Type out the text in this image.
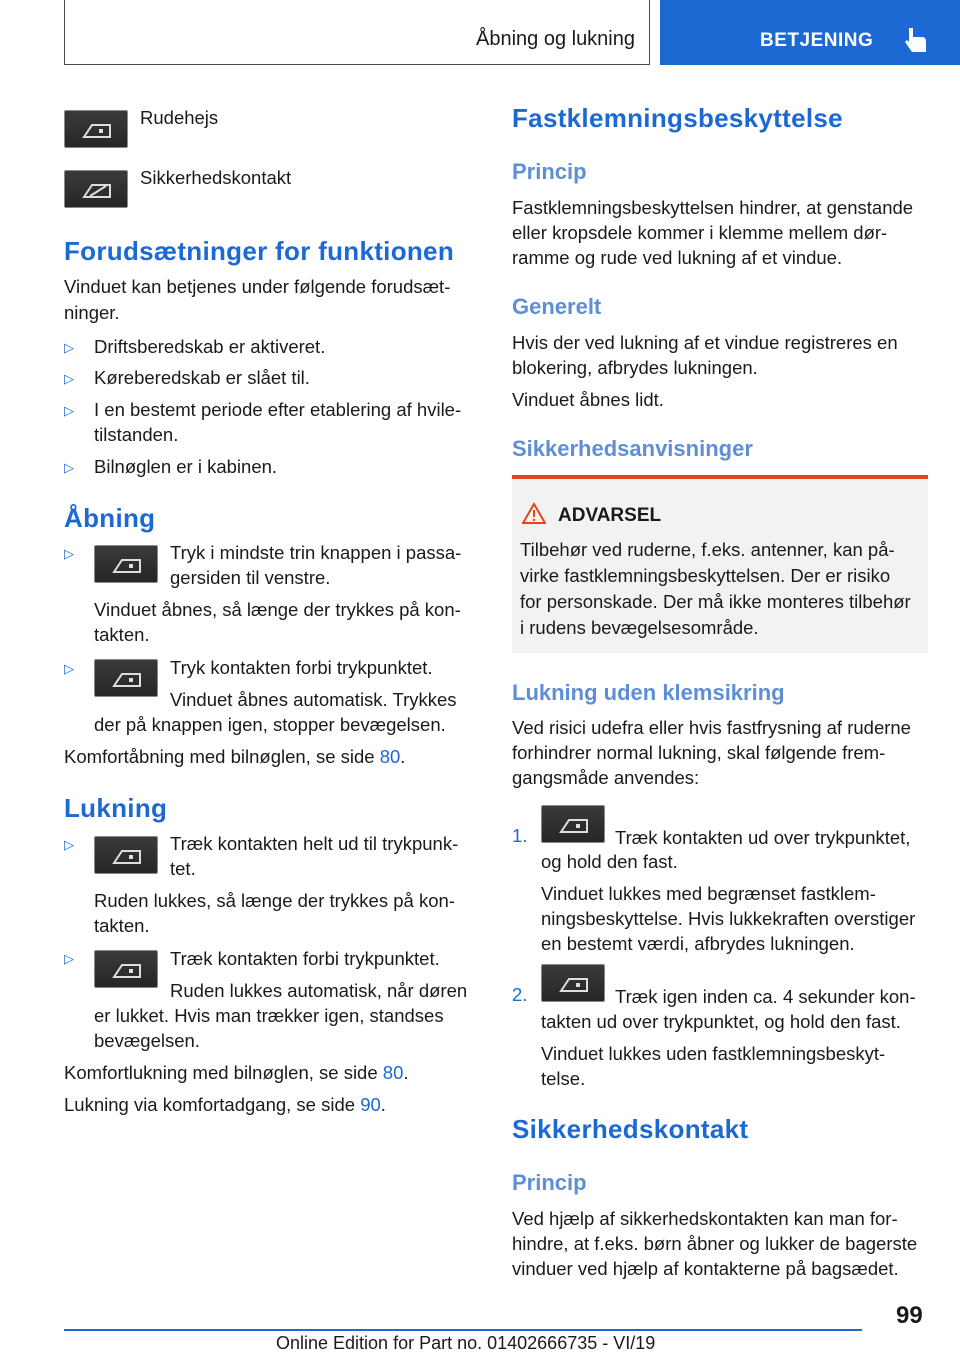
Åbning og lukning	BETJENING
Rudehejs
Sikkerhedskontakt
Forudsætninger for funktionen
Vinduet kan betjenes under følgende forudsæt-
ninger.
▷ Driftsberedskab er aktiveret.
▷ Køreberedskab er slået til.
▷ I en bestemt periode efter etablering af hvile-
tilstanden.
▷ Bilnøglen er i kabinen.
Åbning
▷	Tryk i mindste trin knappen i passa-
gersiden til venstre.
Vinduet åbnes, så længe der trykkes på kon-
takten.
▷	Tryk kontakten forbi trykpunktet.
Vinduet åbnes automatisk. Trykkes
der på knappen igen, stopper bevægelsen.
Komfortåbning med bilnøglen, se side 80.
Lukning
▷	Træk kontakten helt ud til trykpunk-
tet.
Ruden lukkes, så længe der trykkes på kon-
takten.
▷	Træk kontakten forbi trykpunktet.
Ruden lukkes automatisk, når døren
er lukket. Hvis man trækker igen, standses
bevægelsen.
Komfortlukning med bilnøglen, se side 80.
Lukning via komfortadgang, se side 90.
Fastklemningsbeskyttelse
Princip
Fastklemningsbeskyttelsen hindrer, at genstande
eller kropsdele kommer i klemme mellem dør-
ramme og rude ved lukning af et vindue.
Generelt
Hvis der ved lukning af et vindue registreres en
blokering, afbrydes lukningen.
Vinduet åbnes lidt.
Sikkerhedsanvisninger
ADVARSEL
Tilbehør ved ruderne, f.eks. antenner, kan på-
virke fastklemningsbeskyttelsen. Der er risiko
for personskade. Der må ikke monteres tilbehør
i rudens bevægelsesområde.
Lukning uden klemsikring
Ved risici udefra eller hvis fastfrysning af ruderne
forhindrer normal lukning, skal følgende frem-
gangsmåde anvendes:
1.	Træk kontakten ud over trykpunktet,
og hold den fast.
Vinduet lukkes med begrænset fastklem-
ningsbeskyttelse. Hvis lukkekraften overstiger
en bestemt værdi, afbrydes lukningen.
2.	Træk igen inden ca. 4 sekunder kon-
takten ud over trykpunktet, og hold den fast.
Vinduet lukkes uden fastklemningsbeskyt-
telse.
Sikkerhedskontakt
Princip
Ved hjælp af sikkerhedskontakten kan man for-
hindre, at f.eks. børn åbner og lukker de bagerste
vinduer ved hjælp af kontakterne på bagsædet.
99
Online Edition for Part no. 01402666735 - VI/19
